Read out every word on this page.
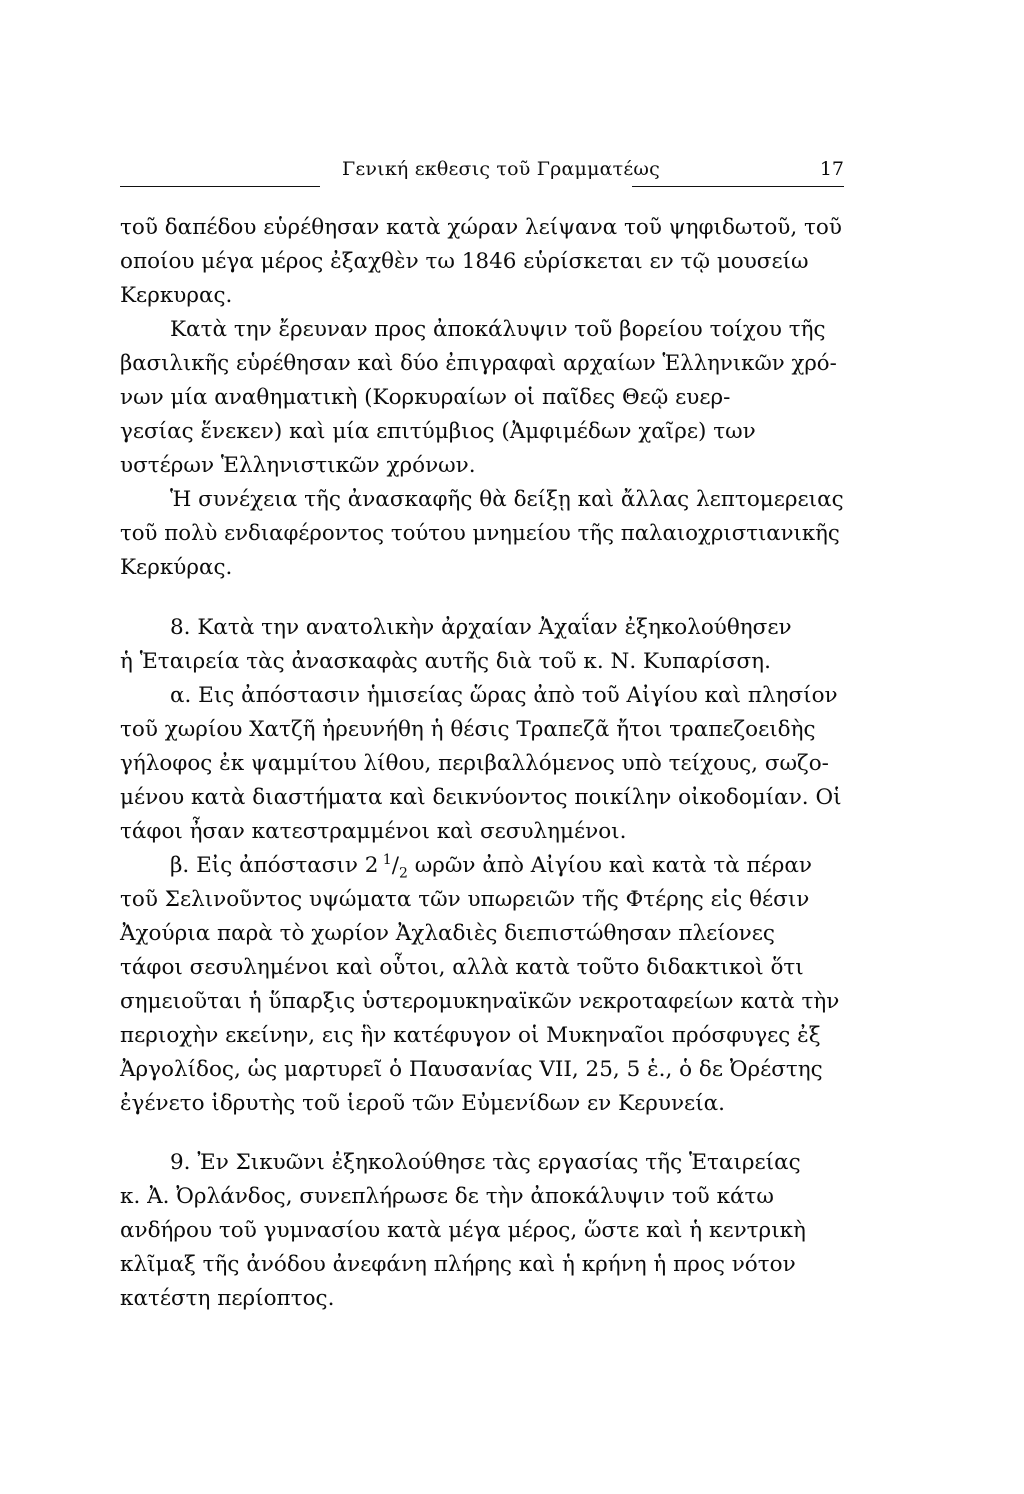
Γενική εκθεσις τοῦ Γραμματέως	17
τοῦ δαπέδου εὑρέθησαν κατὰ χώραν λείψανα τοῦ ψηφιδωτοῦ, τοῦ
οποίου μέγα μέρος ἐξαχθὲν τω 1846 εὑρίσκεται εν τῷ μουσείω
Κερκυρας.
Κατὰ την ἔρευναν προς ἀποκάλυψιν τοῦ βορείου τοίχου τῆς
βασιλικῆς εὑρέθησαν καὶ δύο ἐπιγραφαὶ αρχαίων Ἑλληνικῶν χρό-
νων μία αναθηματικὴ (Κορκυραίων οἱ παῖδες Θεῷ ευερ-
γεσίας ἕνεκεν) καὶ μία επιτύμβιος (Ἀμφιμέδων χαῖρε) των
υστέρων Ἑλληνιστικῶν χρόνων.
Ἡ συνέχεια τῆς ἀνασκαφῆς θὰ δείξῃ καὶ ἄλλας λεπτομερειας
τοῦ πολὺ ενδιαφέροντος τούτου μνημείου τῆς παλαιοχριστιανικῆς
Κερκύρας.
8. Κατὰ την ανατολικὴν ἀρχαίαν Ἀχαΐαν ἐξηκολούθησεν
ἡ Ἑταιρεία τὰς ἀνασκαφὰς αυτῆς διὰ τοῦ κ. Ν. Κυπαρίσση.
α. Εις ἀπόστασιν ἡμισείας ὥρας ἀπὸ τοῦ Αἰγίου καὶ πλησίον
τοῦ χωρίου Χατζῆ ἠρευνήθη ἡ θέσις Τραπεζᾶ ἤτοι τραπεζοειδὴς
γήλοφος ἐκ ψαμμίτου λίθου, περιβαλλόμενος υπὸ τείχους, σωζο-
μένου κατὰ διαστήματα καὶ δεικνύοντος ποικίλην οἰκοδομίαν. Οἱ
τάφοι ἦσαν κατεστραμμένοι καὶ σεσυλημένοι.
β. Εἰς ἀπόστασιν 2  $^1/_2$ ωρῶν ἀπὸ Αἰγίου καὶ κατὰ τὰ πέραν
τοῦ Σελινοῦντος υψώματα τῶν υπωρειῶν τῆς Φτέρης εἰς θέσιν
Ἀχούρια παρὰ τὸ χωρίον Ἀχλαδιὲς διεπιστώθησαν πλείονες
τάφοι σεσυλημένοι καὶ οὗτοι, αλλὰ κατὰ τοῦτο διδακτικοὶ ὅτι
σημειοῦται ἡ ὕπαρξις ὑστερομυκηναϊκῶν νεκροταφείων κατὰ τὴν
περιοχὴν εκείνην, εις ἣν κατέφυγον οἱ Μυκηναῖοι πρόσφυγες ἐξ
Ἀργολίδος, ὡς μαρτυρεῖ ὁ Παυσανίας VII, 25, 5 ἑ., ὁ δε Ὀρέστης
ἐγένετο ἱδρυτὴς τοῦ ἱεροῦ τῶν Εὐμενίδων εν Κερυνεία.
9. Ἐν Σικυῶνι ἐξηκολούθησε τὰς εργασίας τῆς Ἑταιρείας
κ. Ἀ. Ὀρλάνδος, συνεπλήρωσε δε τὴν ἀποκάλυψιν τοῦ κάτω
ανδήρου τοῦ γυμνασίου κατὰ μέγα μέρος, ὥστε καὶ ἡ κεντρικὴ
κλῖμαξ τῆς ἀνόδου ἀνεφάνη πλήρης καὶ ἡ κρήνη ἡ προς νότον
κατέστη περίοπτος.
